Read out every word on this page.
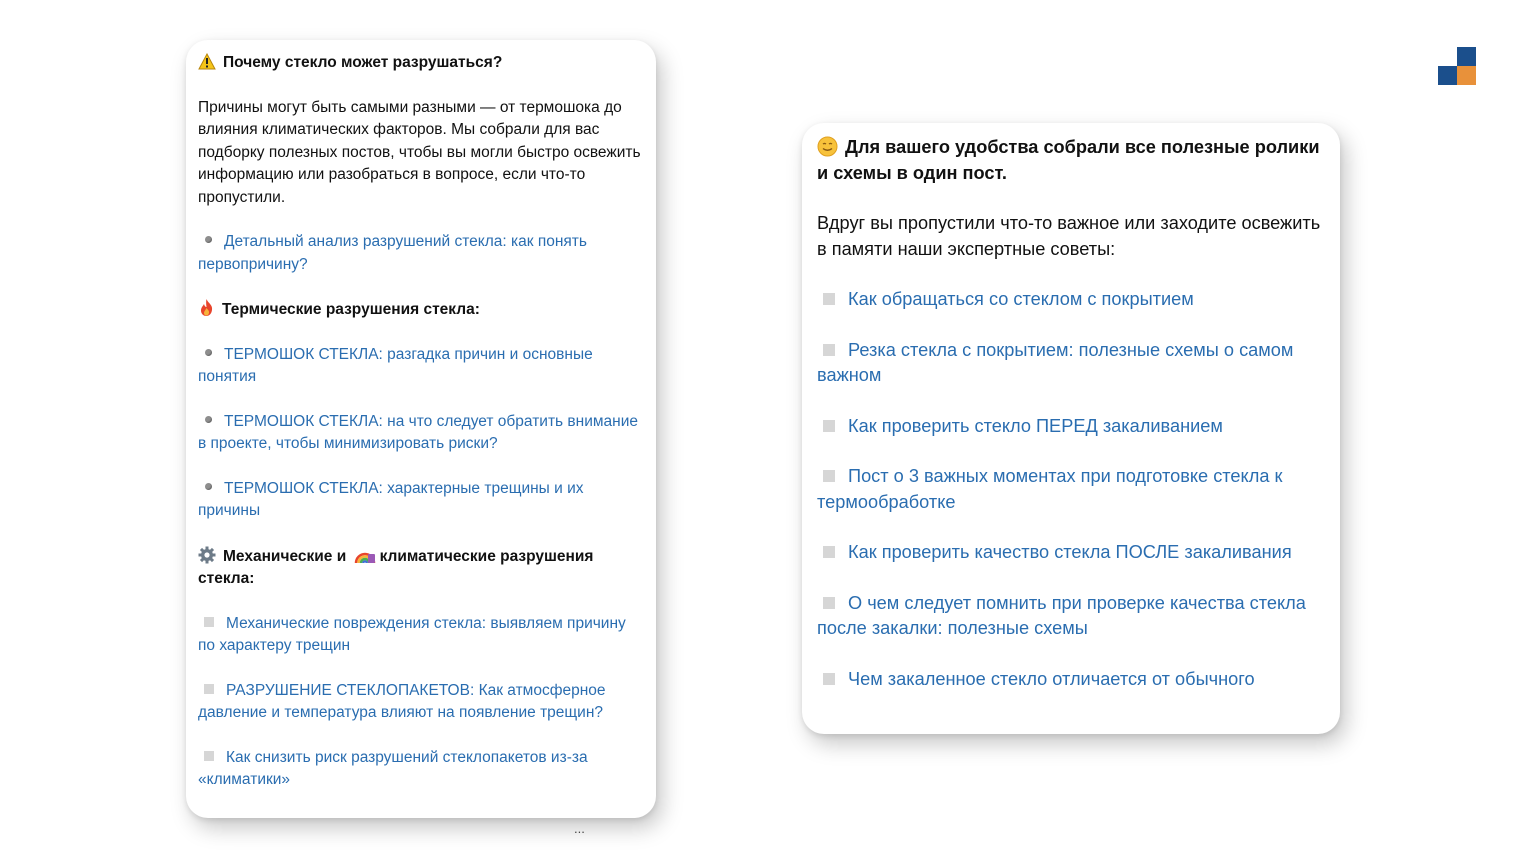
Почему стекло может разрушаться?
Причины могут быть самыми разными — от термошока до влияния климатических факторов. Мы собрали для вас подборку полезных постов, чтобы вы могли быстро освежить информацию или разобраться в вопросе, если что-то пропустили.
Детальный анализ разрушений стекла: как понять первопричину?
Термические разрушения стекла:
ТЕРМОШОК СТЕКЛА: разгадка причин и основные понятия
ТЕРМОШОК СТЕКЛА: на что следует обратить внимание в проекте, чтобы минимизировать риски?
ТЕРМОШОК СТЕКЛА: характерные трещины и их причины
Механические и климатические разрушения стекла:
Механические повреждения стекла: выявляем причину по характеру трещин
РАЗРУШЕНИЕ СТЕКЛОПАКЕТОВ: Как атмосферное давление и температура влияют на появление трещин?
Как снизить риск разрушений стеклопакетов из-за «климатики»
...
Для вашего удобства собрали все полезные ролики и схемы в один пост.
Вдруг вы пропустили что-то важное или заходите освежить в памяти наши экспертные советы:
Как обращаться со стеклом с покрытием
Резка стекла с покрытием: полезные схемы о самом важном
Как проверить стекло ПЕРЕД закаливанием
Пост о 3 важных моментах при подготовке стекла к термообработке
Как проверить качество стекла ПОСЛЕ закаливания
О чем следует помнить при проверке качества стекла после закалки: полезные схемы
Чем закаленное стекло отличается от обычного
